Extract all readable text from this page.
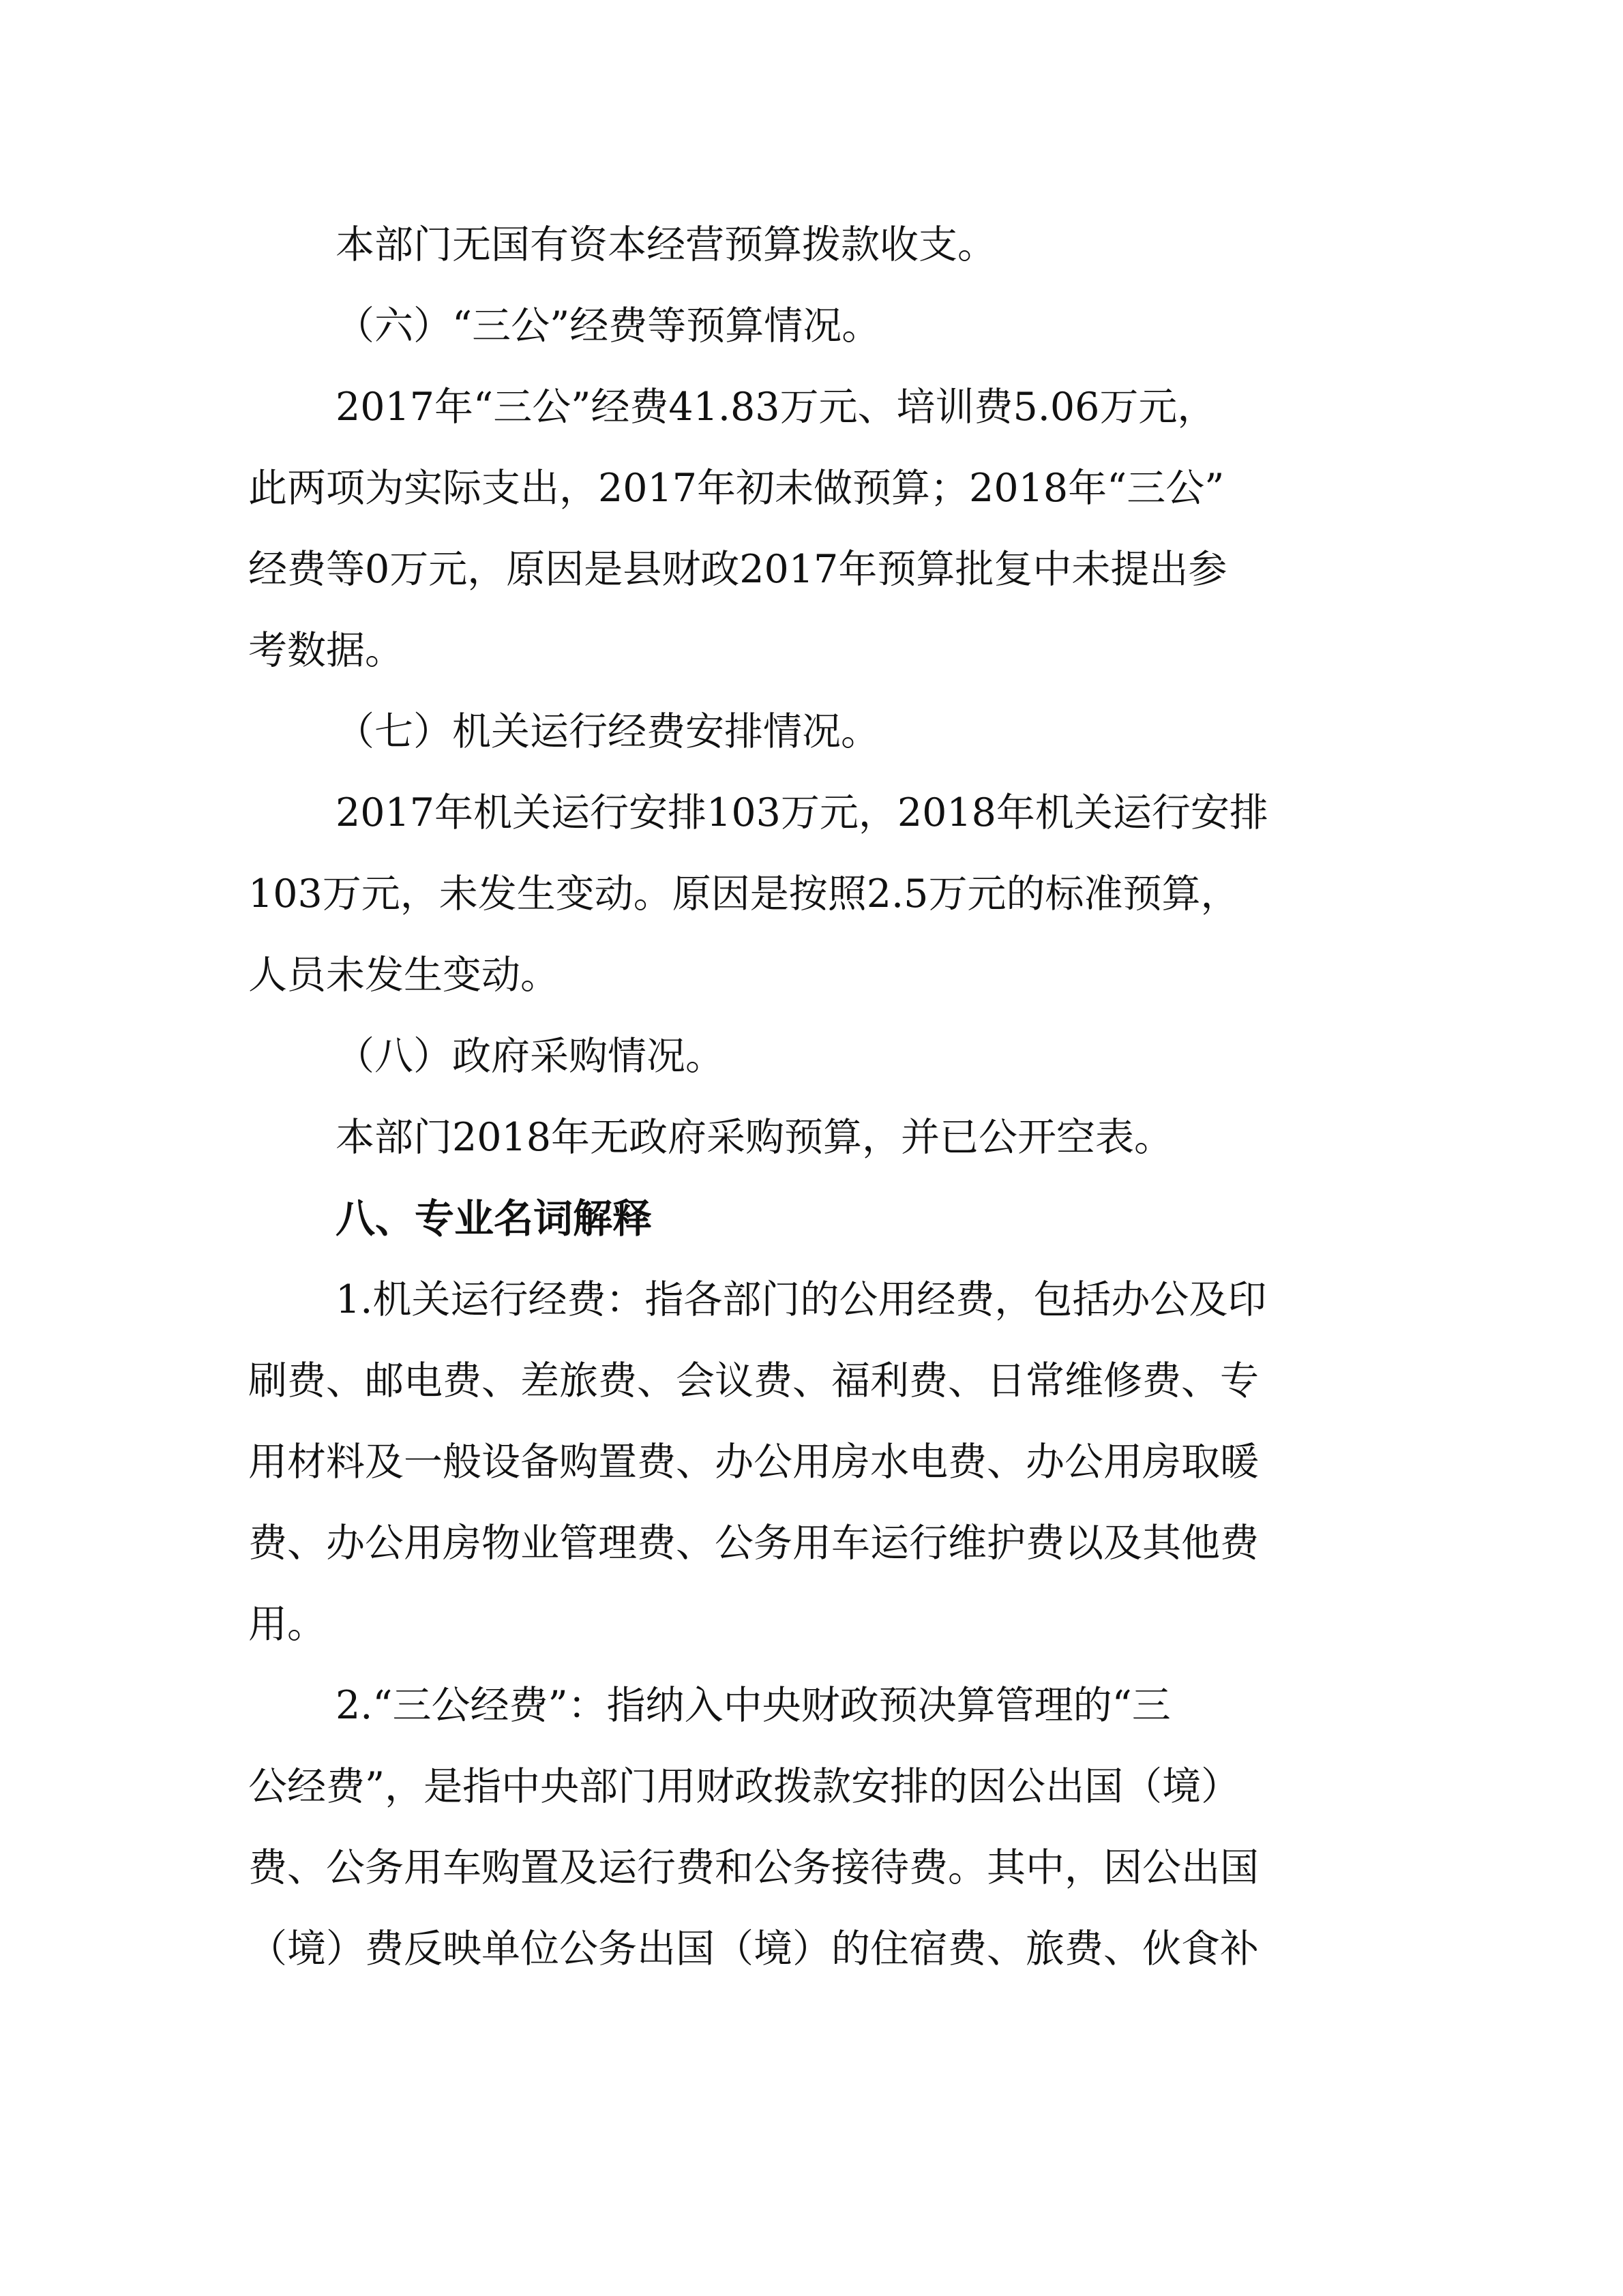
本部门无国有资本经营预算拨款收支。
（六）“三公”经费等预算情况。
2017年“三公”经费41.83万元、培训费5.06万元，
此两项为实际支出，2017年初未做预算；2018年“三公”
经费等0万元，原因是县财政2017年预算批复中未提出参
考数据。
（七）机关运行经费安排情况。
2017年机关运行安排103万元，2018年机关运行安排
103万元，未发生变动。原因是按照2.5万元的标准预算，
人员未发生变动。
（八）政府采购情况。
本部门2018年无政府采购预算，并已公开空表。
八、专业名词解释
1.机关运行经费：指各部门的公用经费，包括办公及印
刷费、邮电费、差旅费、会议费、福利费、日常维修费、专
用材料及一般设备购置费、办公用房水电费、办公用房取暖
费、办公用房物业管理费、公务用车运行维护费以及其他费
用。
2.“三公经费”：指纳入中央财政预决算管理的“三
公经费”，是指中央部门用财政拨款安排的因公出国（境）
费、公务用车购置及运行费和公务接待费。其中，因公出国
（境）费反映单位公务出国（境）的住宿费、旅费、伙食补
